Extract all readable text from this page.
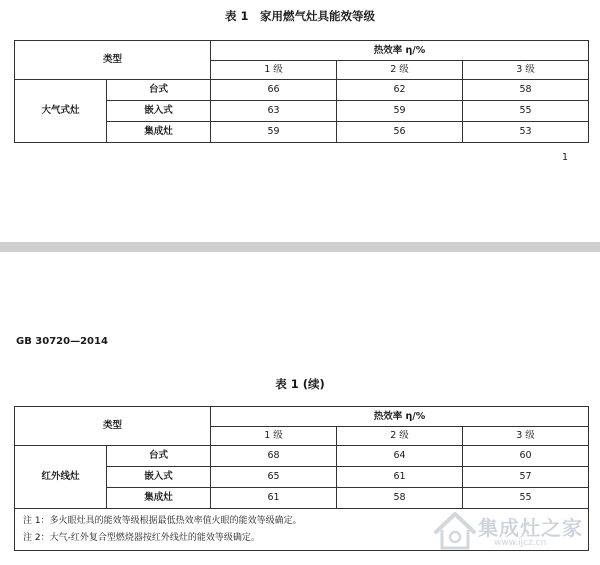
表 1　家用燃气灶具能效等级
类型		热效率 η/%		
		1 级	2 级	3 级
大气式灶	台式	66	62	58
	嵌入式	63	59	55
	集成灶	59	56	53
1
GB 30720—2014
表 1 (续)
类型		热效率 η/%		
		1 级	2 级	3 级
红外线灶	台式	68	64	60
	嵌入式	65	61	57
	集成灶	61	58	55

注 1：多火眼灶具的能效等级根据最低热效率值火眼的能效等级确定。
注 2：大气-红外复合型燃烧器按红外线灶的能效等级确定。					集成灶之家
www.ijcz.cn
